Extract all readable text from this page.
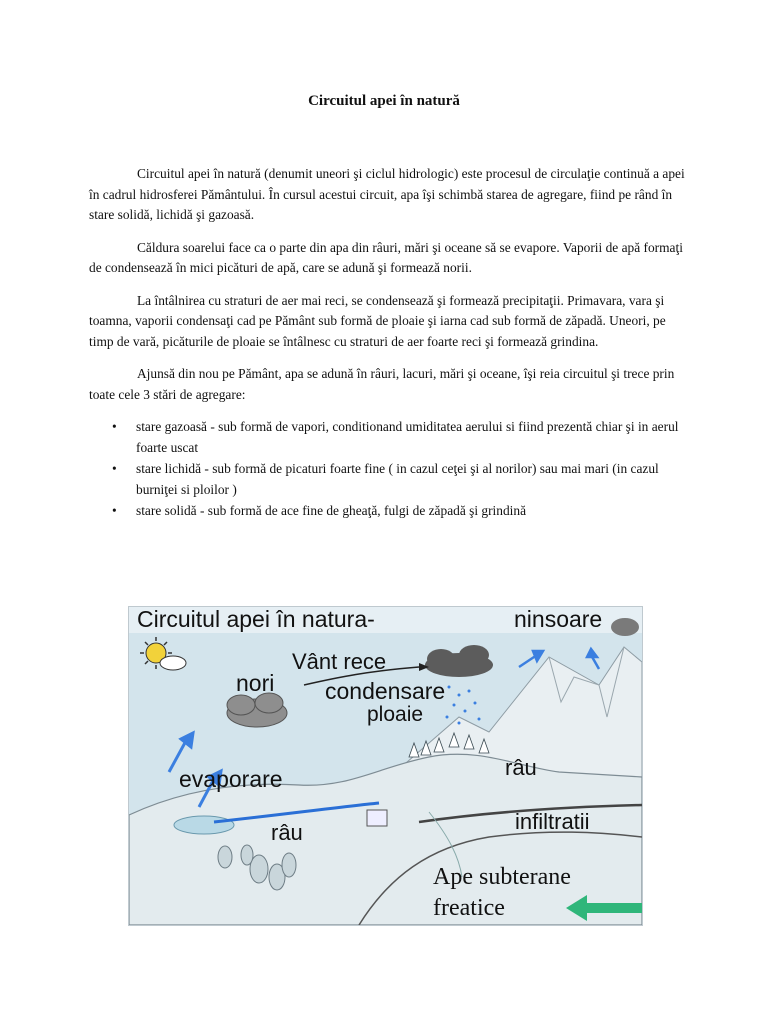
Circuitul apei în natură

Circuitul apei în natură (denumit uneori şi ciclul hidrologic) este procesul de circulaţie continuă a apei în cadrul hidrosferei Pământului. În cursul acestui circuit, apa îşi schimbă starea de agregare, fiind pe rând în stare solidă, lichidă şi gazoasă.

Căldura soarelui face ca o parte din apa din râuri, mări şi oceane să se evapore. Vaporii de apă formaţi de condensează în mici picături de apă, care se adună şi formează norii.

La întâlnirea cu straturi de aer mai reci, se condensează şi formează precipitaţii. Primavara, vara şi toamna, vaporii condensaţi cad pe Pământ sub formă de ploaie şi iarna cad sub formă de zăpadă. Uneori, pe timp de vară, picăturile de ploaie se întâlnesc cu straturi de aer foarte reci şi formează grindina.

Ajunsă din nou pe Pământ, apa se adună în râuri, lacuri, mări şi oceane, îşi reia circuitul şi trece prin toate cele 3 stări de agregare:

• stare gazoasă - sub formă de vapori, conditionand umiditatea aerului si fiind prezentă chiar şi in aerul foarte uscat
• stare lichidă - sub formă de picaturi foarte fine ( in cazul ceţei şi al norilor) sau mai mari (in cazul burniţei si ploilor )
• stare solidă - sub formă de ace fine de gheaţă, fulgi de zăpadă şi grindină
Circuitul apei în natura-	ninsoare
Vânt rece
nori condensare
ploaie
evaporare	râu
râu	infiltratii
Ape subterane
freatice
